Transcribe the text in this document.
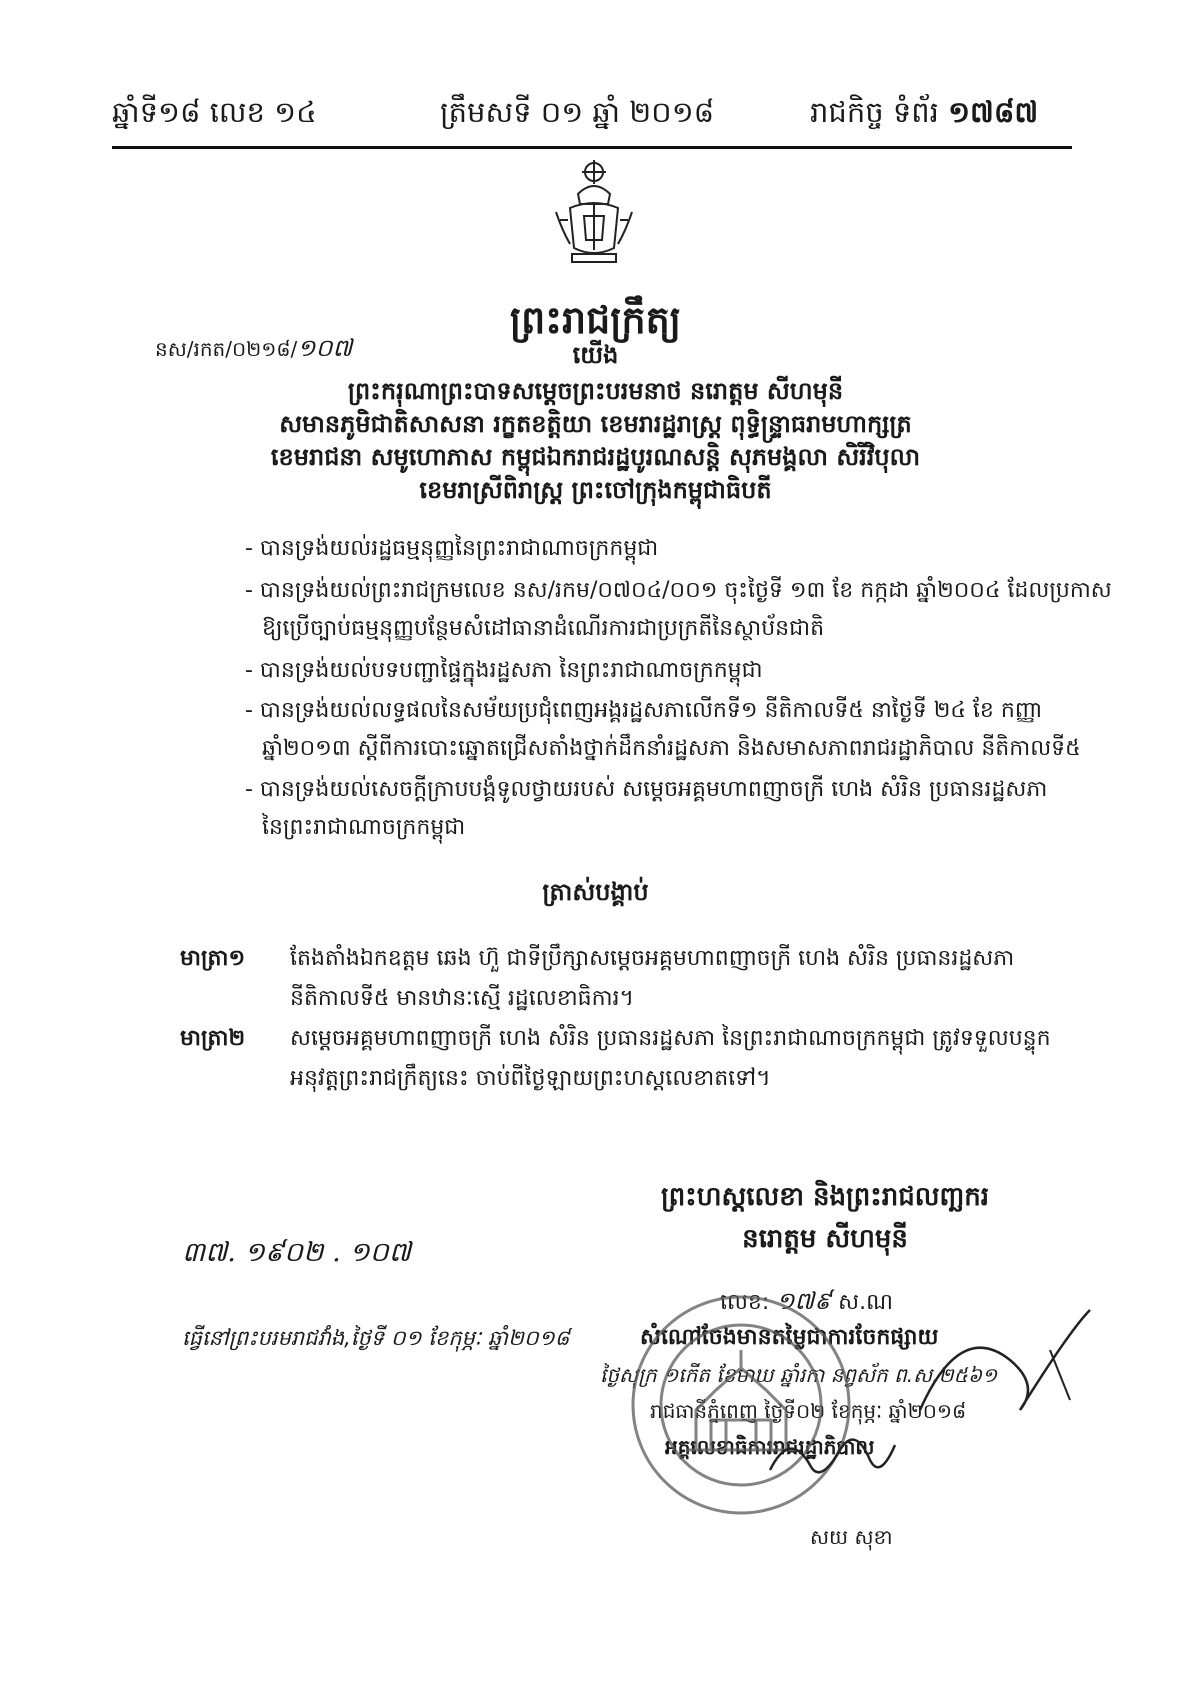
ឆ្នាំទី១៨ លេខ ១៤	ត្រឹមសទី ០១ ឆ្នាំ ២០១៨	រាជកិច្ច ទំព័រ ១៧៨៧
ព្រះរាជក្រឹត្យ
នស/រកត/០២១៨/១០៧	យើង
ព្រះករុណាព្រះបាទសម្តេចព្រះបរមនាថ នរោត្តម សីហមុនី
សមានភូមិជាតិសាសនា រក្ខតខត្តិយា ខេមរារដ្ឋរាស្ត្រ ពុទ្ធិន្ទ្រាធរាមហាក្សត្រ
ខេមរាជនា សមូហោភាស កម្ពុជឯករាជរដ្ឋបូរណសន្តិ សុភមង្គលា សិរីវិបុលា
ខេមរាស្រីពិរាស្ត្រ ព្រះចៅក្រុងកម្ពុជាធិបតី
- បានទ្រង់យល់រដ្ឋធម្មនុញ្ញនៃព្រះរាជាណាចក្រកម្ពុជា
- បានទ្រង់យល់ព្រះរាជក្រមលេខ នស/រកម/០៧០៤/០០១ ចុះថ្ងៃទី ១៣ ខែ កក្កដា ឆ្នាំ២០០៤ ដែលប្រកាស
ឱ្យប្រើច្បាប់ធម្មនុញ្ញបន្ថែមសំដៅធានាដំណើរការជាប្រក្រតីនៃស្ថាប័នជាតិ
- បានទ្រង់យល់បទបញ្ជាផ្ទៃក្នុងរដ្ឋសភា នៃព្រះរាជាណាចក្រកម្ពុជា
- បានទ្រង់យល់លទ្ធផលនៃសម័យប្រជុំពេញអង្គរដ្ឋសភាលើកទី១ នីតិកាលទី៥ នាថ្ងៃទី ២៤ ខែ កញ្ញា
ឆ្នាំ២០១៣ ស្តីពីការបោះឆ្នោតជ្រើសតាំងថ្នាក់ដឹកនាំរដ្ឋសភា និងសមាសភាពរាជរដ្ឋាភិបាល នីតិកាលទី៥
- បានទ្រង់យល់សេចក្តីក្រាបបង្គំទូលថ្វាយរបស់ សម្តេចអគ្គមហាពញាចក្រី ហេង សំរិន ប្រធានរដ្ឋសភា
នៃព្រះរាជាណាចក្រកម្ពុជា
ត្រាស់បង្គាប់
មាត្រា១ តែងតាំងឯកឧត្តម ឆេង ហ៊ួ ជាទីប្រឹក្សាសម្តេចអគ្គមហាពញាចក្រី ហេង សំរិន ប្រធានរដ្ឋសភា
នីតិកាលទី៥ មានឋានៈស្មើ រដ្ឋលេខាធិការ។
មាត្រា២ សម្តេចអគ្គមហាពញាចក្រី ហេង សំរិន ប្រធានរដ្ឋសភា នៃព្រះរាជាណាចក្រកម្ពុជា ត្រូវទទួលបន្ទុក
អនុវត្តព្រះរាជក្រឹត្យនេះ ចាប់ពីថ្ងៃឡាយព្រះហស្តលេខាតទៅ។
ព្រះហស្តលេខា និងព្រះរាជលញ្ឆករ
នរោត្តម សីហមុនី
៣៧. ១៩០២ . ១០៧
លេខ: ១៧៩ ស.ណ
ធ្វើនៅព្រះបរមរាជវាំង,ថ្ងៃទី ០១ ខែកុម្ភៈ ឆ្នាំ២០១៨	សំណៅចែងមានតម្លៃជាការចែកផ្សាយ
ថ្ងៃសុក្រ ១កើត ខែមាឃ ឆ្នាំរកា នព្វស័ក ព.ស.២៥៦១
រាជធានីភ្នំពេញ ថ្ងៃទី០២ ខែកុម្ភៈ ឆ្នាំ២០១៨
អគ្គលេខាធិការរាជរដ្ឋាភិបាល
សយ សុខា
